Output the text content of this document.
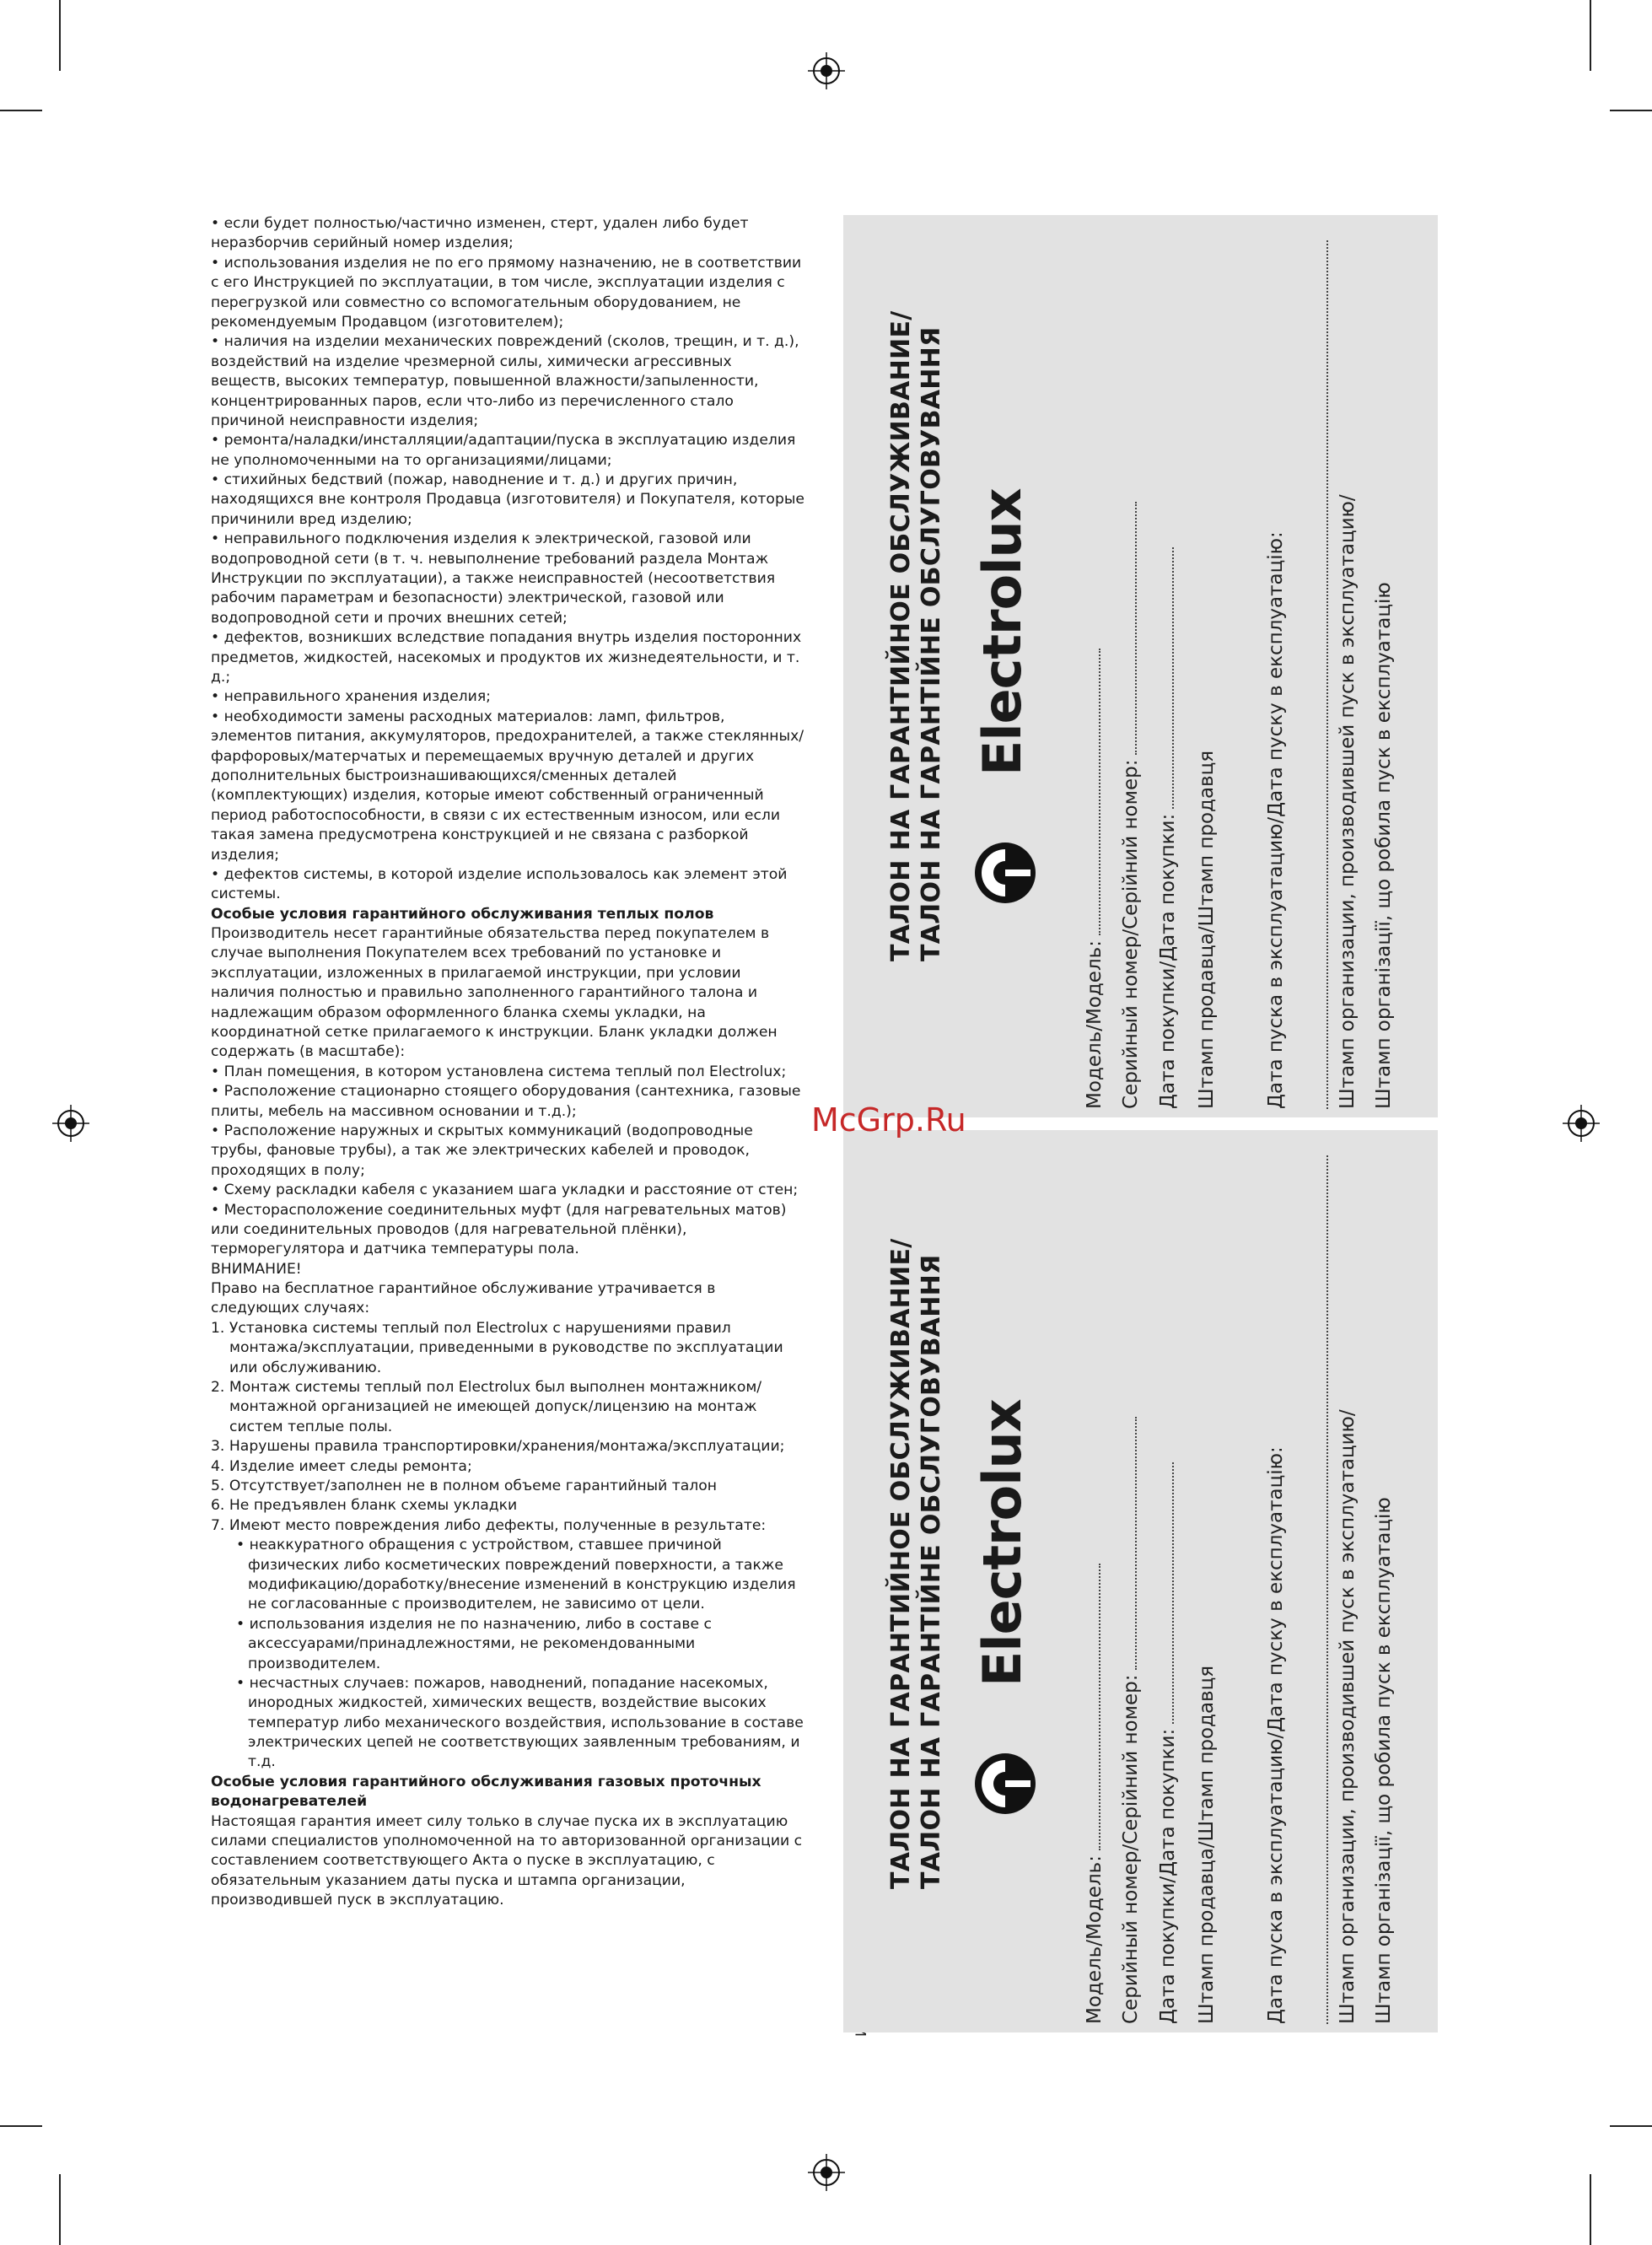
• если будет полностью/частично изменен, стерт, удален либо будет неразборчив серийный номер изделия;

• использования изделия не по его прямому назначению, не в соответствии с его Инструкцией по эксплуатации, в том числе, эксплуатации изделия с перегрузкой или совместно со вспомогательным оборудованием, не рекомендуемым Продавцом (изготовителем);

• наличия на изделии механических повреждений (сколов, трещин, и т. д.), воздействий на изделие чрезмерной силы, химически агрессивных веществ, высоких температур, повышенной влажности/запыленности, концентрированных паров, если что-либо из перечисленного стало причиной неисправности изделия;

• ремонта/наладки/инсталляции/адаптации/пуска в эксплуатацию изделия не уполномоченными на то организациями/лицами;

• стихийных бедствий (пожар, наводнение и т. д.) и других причин, находящихся вне контроля Продавца (изготовителя) и Покупателя, которые причинили вред изделию;

• неправильного подключения изделия к электрической, газовой или водопроводной сети (в т. ч. невыполнение требований раздела Монтаж Инструкции по эксплуатации), а также неисправностей (несоответствия рабочим параметрам и безопасности) электрической, газовой или водопроводной сети и прочих внешних сетей;

• дефектов, возникших вследствие попадания внутрь изделия посторонних предметов, жидкостей, насекомых и продуктов их жизнедеятельности, и т. д.;

• неправильного хранения изделия;

• необходимости замены расходных материалов: ламп, фильтров, элементов питания, аккумуляторов, предохранителей, а также стеклянных/фарфоровых/матерчатых и перемещаемых вручную деталей и других дополнительных быстроизнашивающихся/сменных деталей (комплектующих) изделия, которые имеют собственный ограниченный период работоспособности, в связи с их естественным износом, или если такая замена предусмотрена конструкцией и не связана с разборкой изделия;

• дефектов системы, в которой изделие использовалось как элемент этой системы.

Особые условия гарантийного обслуживания теплых полов

Производитель несет гарантийные обязательства перед покупателем в случае выполнения Покупателем всех требований по установке и эксплуатации, изложенных в прилагаемой инструкции, при условии наличия полностью и правильно заполненного гарантийного талона и надлежащим образом оформленного бланка схемы укладки, на координатной сетке прилагаемого к инструкции. Бланк укладки должен содержать (в масштабе):

• План помещения, в котором установлена система теплый пол Electrolux;

• Расположение стационарно стоящего оборудования (сантехника, газовые плиты, мебель на массивном основании и т.д.);

• Расположение наружных и скрытых коммуникаций (водопроводные трубы, фановые трубы), а так же электрических кабелей и проводок, проходящих в полу;

• Схему раскладки кабеля с указанием шага укладки и расстояние от стен;

• Месторасположение соединительных муфт (для нагревательных матов) или соединительных проводов (для нагревательной плёнки), терморегулятора и датчика температуры пола.

ВНИМАНИЕ!

Право на бесплатное гарантийное обслуживание утрачивается в следующих случаях:

1. Установка системы теплый пол Electrolux с нарушениями правил монтажа/эксплуатации, приведенными в руководстве по эксплуатации или обслуживанию.

2. Монтаж системы теплый пол Electrolux был выполнен монтажником/монтажной организацией не имеющей допуск/лицензию на монтаж систем теплые полы.

3. Нарушены правила транспортировки/хранения/монтажа/эксплуатации;

4. Изделие имеет следы ремонта;

5. Отсутствует/заполнен не в полном объеме гарантийный талон

6. Не предъявлен бланк схемы укладки

7. Имеют место повреждения либо дефекты, полученные в результате:

• неаккуратного обращения с устройством, ставшее причиной физических либо косметических повреждений поверхности, а также модификацию/доработку/внесение изменений в конструкцию изделия не согласованные с производителем, не зависимо от цели.

• использования изделия не по назначению, либо в составе с аксессуарами/принадлежностями, не рекомендованными производителем.

• несчастных случаев: пожаров, наводнений, попадание насекомых, инородных жидкостей, химических веществ, воздействие высоких температур либо механического воздействия, использование в составе электрических цепей не соответствующих заявленным требованиям, и т.д.

Особые условия гарантийного обслуживания газовых проточных водонагревателей

Настоящая гарантия имеет силу только в случае пуска их в эксплуатацию силами специалистов уполномоченной на то авторизованной организации с составлением соответствующего Акта о пуске в эксплуатацию, с обязательным указанием даты пуска и штампа организации, производившей пуск в эксплуатацию.

ТАЛОН НА ГАРАНТИЙНОЕ ОБСЛУЖИВАНИЕ/ ТАЛОН НА ГАРАНТІЙНЕ ОБСЛУГОВУВАННЯ Electrolux
Модель/Модель: Серийный номер/Серійний номер: Дата покупки/Дата покупки: Штамп продавца/Штамп продавця Дата пуска в эксплуатацию/Дата пуску в експлуатацію:	Штамп организации, производившей пуск в эксплуатацию/ Штамп організації, що робила пуск в експлуатацію
ТАЛОН НА ГАРАНТИЙНОЕ ОБСЛУЖИВАНИЕ/ ТАЛОН НА ГАРАНТІЙНЕ ОБСЛУГОВУВАННЯ Electrolux
Модель/Модель: Серийный номер/Серійний номер: Дата покупки/Дата покупки: Штамп продавца/Штамп продавця Дата пуска в эксплуатацию/Дата пуску в експлуатацію:	Штамп организации, производившей пуск в эксплуатацию/ Штамп організації, що робила пуск в експлуатацію
McGrp.Ru
